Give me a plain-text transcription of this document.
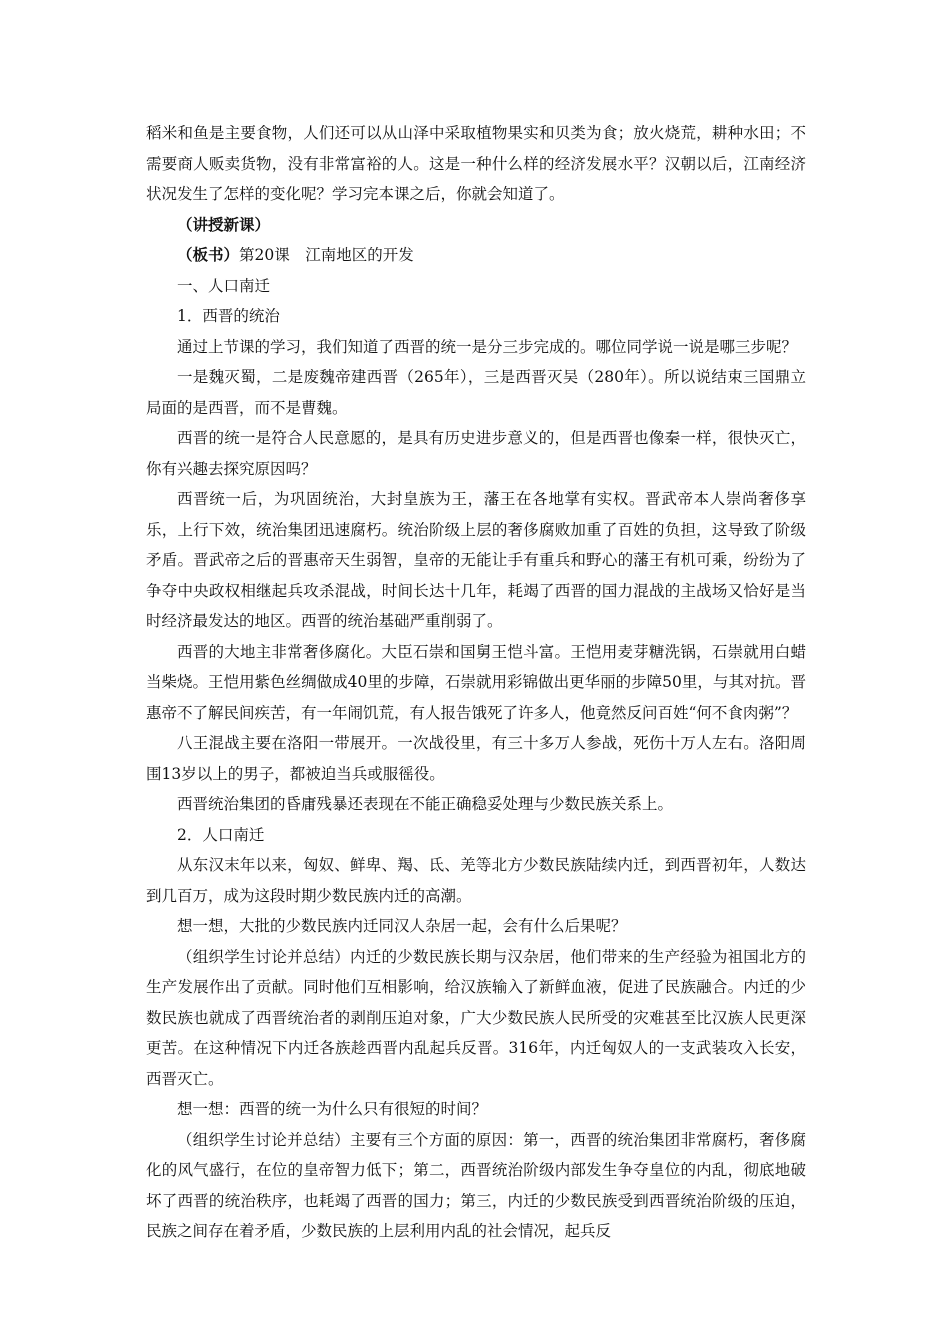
稻米和鱼是主要食物，人们还可以从山泽中采取植物果实和贝类为食；放火烧荒，耕种水田；不需要商人贩卖货物，没有非常富裕的人。这是一种什么样的经济发展水平？汉朝以后，江南经济状况发生了怎样的变化呢？学习完本课之后，你就会知道了。

（讲授新课）

（板书）第20课　江南地区的开发

一、人口南迁

1．西晋的统治

通过上节课的学习，我们知道了西晋的统一是分三步完成的。哪位同学说一说是哪三步呢？

一是魏灭蜀，二是废魏帝建西晋（265年），三是西晋灭吴（280年）。所以说结束三国鼎立局面的是西晋，而不是曹魏。

西晋的统一是符合人民意愿的，是具有历史进步意义的，但是西晋也像秦一样，很快灭亡，你有兴趣去探究原因吗？

西晋统一后，为巩固统治，大封皇族为王，藩王在各地掌有实权。晋武帝本人崇尚奢侈享乐，上行下效，统治集团迅速腐朽。统治阶级上层的奢侈腐败加重了百姓的负担，这导致了阶级矛盾。晋武帝之后的晋惠帝天生弱智，皇帝的无能让手有重兵和野心的藩王有机可乘，纷纷为了争夺中央政权相继起兵攻杀混战，时间长达十几年，耗竭了西晋的国力混战的主战场又恰好是当时经济最发达的地区。西晋的统治基础严重削弱了。

西晋的大地主非常奢侈腐化。大臣石崇和国舅王恺斗富。王恺用麦芽糖洗锅，石崇就用白蜡当柴烧。王恺用紫色丝绸做成40里的步障，石崇就用彩锦做出更华丽的步障50里，与其对抗。晋惠帝不了解民间疾苦，有一年闹饥荒，有人报告饿死了许多人，他竟然反问百姓“何不食肉粥”？

八王混战主要在洛阳一带展开。一次战役里，有三十多万人参战，死伤十万人左右。洛阳周围13岁以上的男子，都被迫当兵或服徭役。

西晋统治集团的昏庸残暴还表现在不能正确稳妥处理与少数民族关系上。

2．人口南迁

从东汉末年以来，匈奴、鲜卑、羯、氐、羌等北方少数民族陆续内迁，到西晋初年，人数达到几百万，成为这段时期少数民族内迁的高潮。

想一想，大批的少数民族内迁同汉人杂居一起，会有什么后果呢？

（组织学生讨论并总结）内迁的少数民族长期与汉杂居，他们带来的生产经验为祖国北方的生产发展作出了贡献。同时他们互相影响，给汉族输入了新鲜血液，促进了民族融合。内迁的少数民族也就成了西晋统治者的剥削压迫对象，广大少数民族人民所受的灾难甚至比汉族人民更深更苦。在这种情况下内迁各族趁西晋内乱起兵反晋。316年，内迁匈奴人的一支武装攻入长安，西晋灭亡。

想一想：西晋的统一为什么只有很短的时间？

（组织学生讨论并总结）主要有三个方面的原因：第一，西晋的统治集团非常腐朽，奢侈腐化的风气盛行，在位的皇帝智力低下；第二，西晋统治阶级内部发生争夺皇位的内乱，彻底地破坏了西晋的统治秩序，也耗竭了西晋的国力；第三，内迁的少数民族受到西晋统治阶级的压迫，民族之间存在着矛盾，少数民族的上层利用内乱的社会情况，起兵反
